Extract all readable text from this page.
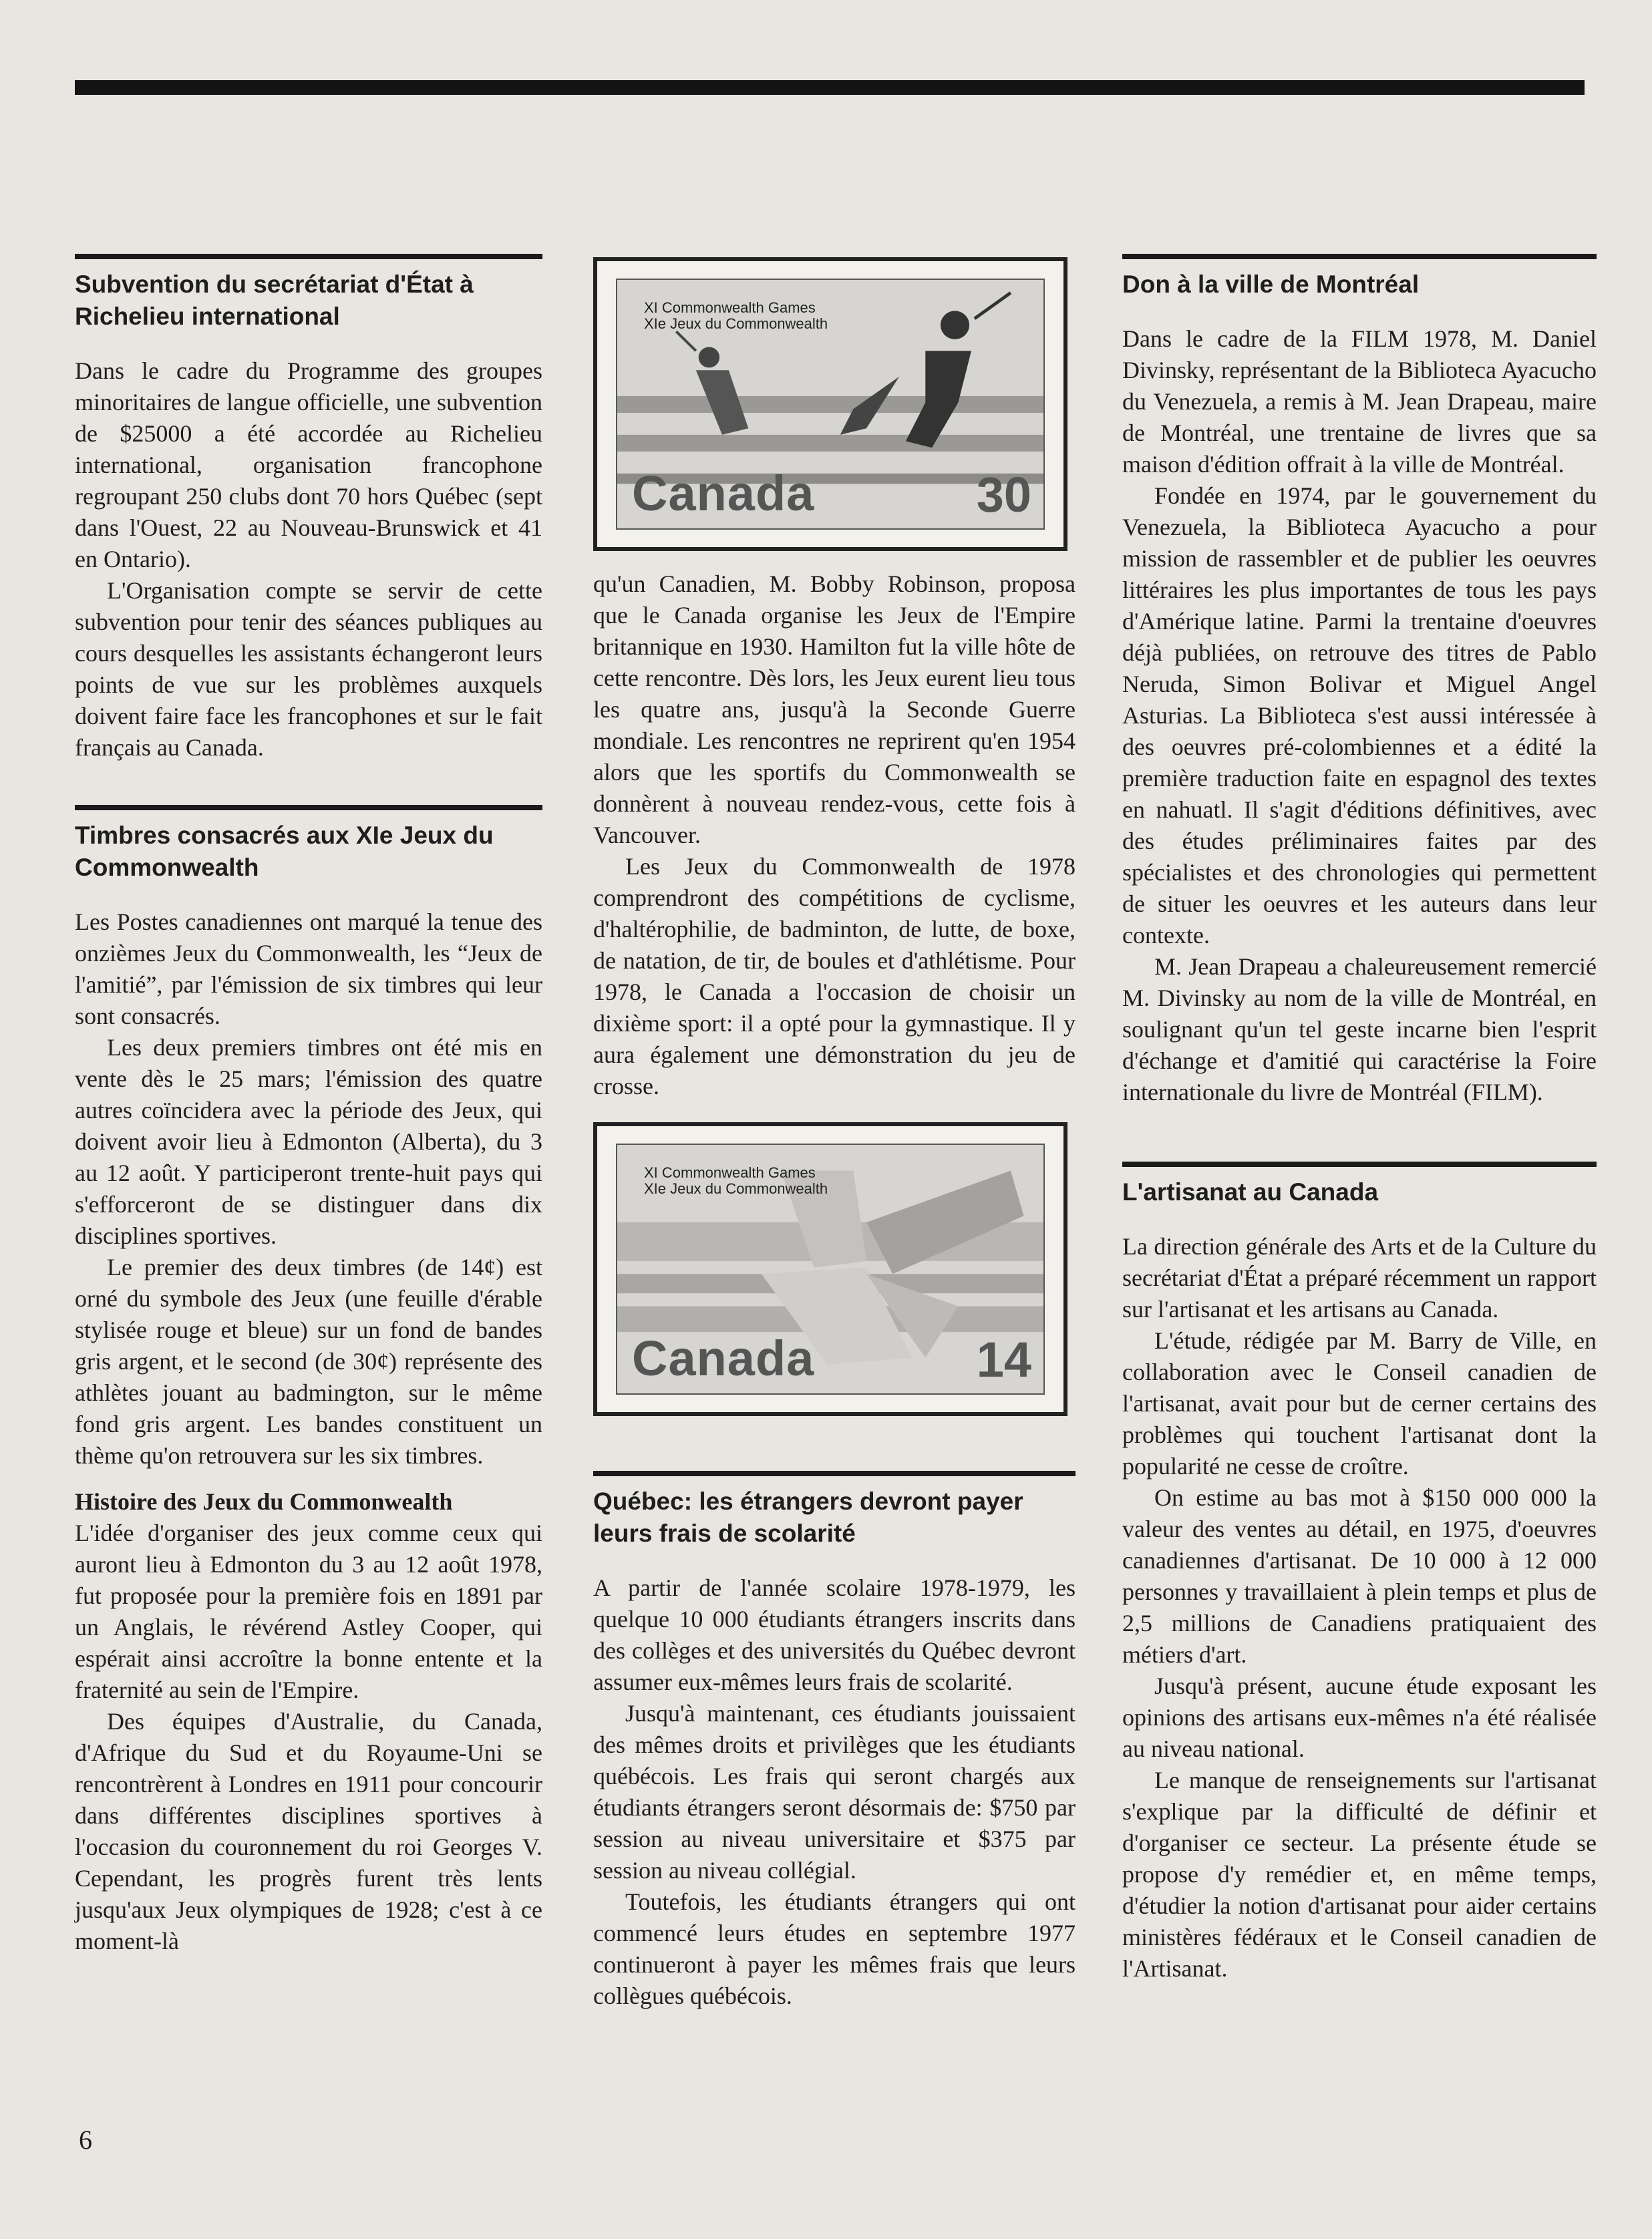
Subvention du secrétariat d'État à Richelieu international

Dans le cadre du Programme des groupes minoritaires de langue officielle, une subvention de $25000 a été accordée au Richelieu international, organisation francophone regroupant 250 clubs dont 70 hors Québec (sept dans l'Ouest, 22 au Nouveau-Brunswick et 41 en Ontario).

L'Organisation compte se servir de cette subvention pour tenir des séances publiques au cours desquelles les assistants échangeront leurs points de vue sur les problèmes auxquels doivent faire face les francophones et sur le fait français au Canada.

Timbres consacrés aux XIe Jeux du Commonwealth

Les Postes canadiennes ont marqué la tenue des onzièmes Jeux du Commonwealth, les “Jeux de l'amitié”, par l'émission de six timbres qui leur sont consacrés.

Les deux premiers timbres ont été mis en vente dès le 25 mars; l'émission des quatre autres coïncidera avec la période des Jeux, qui doivent avoir lieu à Edmonton (Alberta), du 3 au 12 août. Y participeront trente-huit pays qui s'efforceront de se distinguer dans dix disciplines sportives.

Le premier des deux timbres (de 14¢) est orné du symbole des Jeux (une feuille d'érable stylisée rouge et bleue) sur un fond de bandes gris argent, et le second (de 30¢) représente des athlètes jouant au badmington, sur le même fond gris argent. Les bandes constituent un thème qu'on retrouvera sur les six timbres.

Histoire des Jeux du Commonwealth

L'idée d'organiser des jeux comme ceux qui auront lieu à Edmonton du 3 au 12 août 1978, fut proposée pour la première fois en 1891 par un Anglais, le révérend Astley Cooper, qui espérait ainsi accroître la bonne entente et la fraternité au sein de l'Empire.

Des équipes d'Australie, du Canada, d'Afrique du Sud et du Royaume-Uni se rencontrèrent à Londres en 1911 pour concourir dans différentes disciplines sportives à l'occasion du couronnement du roi Georges V. Cependant, les progrès furent très lents jusqu'aux Jeux olympiques de 1928; c'est à ce moment-là

XI Commonwealth Games
XIe Jeux du Commonwealth
Canada	30

qu'un Canadien, M. Bobby Robinson, proposa que le Canada organise les Jeux de l'Empire britannique en 1930. Hamilton fut la ville hôte de cette rencontre. Dès lors, les Jeux eurent lieu tous les quatre ans, jusqu'à la Seconde Guerre mondiale. Les rencontres ne reprirent qu'en 1954 alors que les sportifs du Commonwealth se donnèrent à nouveau rendez-vous, cette fois à Vancouver.

Les Jeux du Commonwealth de 1978 comprendront des compétitions de cyclisme, d'haltérophilie, de badminton, de lutte, de boxe, de natation, de tir, de boules et d'athlétisme. Pour 1978, le Canada a l'occasion de choisir un dixième sport: il a opté pour la gymnastique. Il y aura également une démonstration du jeu de crosse.

XI Commonwealth Games
XIe Jeux du Commonwealth
Canada	14
Québec: les étrangers devront payer leurs frais de scolarité

A partir de l'année scolaire 1978-1979, les quelque 10 000 étudiants étrangers inscrits dans des collèges et des universités du Québec devront assumer eux-mêmes leurs frais de scolarité.

Jusqu'à maintenant, ces étudiants jouissaient des mêmes droits et privilèges que les étudiants québécois. Les frais qui seront chargés aux étudiants étrangers seront désormais de: $750 par session au niveau universitaire et $375 par session au niveau collégial.

Toutefois, les étudiants étrangers qui ont commencé leurs études en septembre 1977 continueront à payer les mêmes frais que leurs collègues québécois.

Don à la ville de Montréal

Dans le cadre de la FILM 1978, M. Daniel Divinsky, représentant de la Biblioteca Ayacucho du Venezuela, a remis à M. Jean Drapeau, maire de Montréal, une trentaine de livres que sa maison d'édition offrait à la ville de Montréal.

Fondée en 1974, par le gouvernement du Venezuela, la Biblioteca Ayacucho a pour mission de rassembler et de publier les oeuvres littéraires les plus importantes de tous les pays d'Amérique latine. Parmi la trentaine d'oeuvres déjà publiées, on retrouve des titres de Pablo Neruda, Simon Bolivar et Miguel Angel Asturias. La Biblioteca s'est aussi intéressée à des oeuvres pré-colombiennes et a édité la première traduction faite en espagnol des textes en nahuatl. Il s'agit d'éditions définitives, avec des études préliminaires faites par des spécialistes et des chronologies qui permettent de situer les oeuvres et les auteurs dans leur contexte.

M. Jean Drapeau a chaleureusement remercié M. Divinsky au nom de la ville de Montréal, en soulignant qu'un tel geste incarne bien l'esprit d'échange et d'amitié qui caractérise la Foire internationale du livre de Montréal (FILM).

L'artisanat au Canada

La direction générale des Arts et de la Culture du secrétariat d'État a préparé récemment un rapport sur l'artisanat et les artisans au Canada.

L'étude, rédigée par M. Barry de Ville, en collaboration avec le Conseil canadien de l'artisanat, avait pour but de cerner certains des problèmes qui touchent l'artisanat dont la popularité ne cesse de croître.

On estime au bas mot à $150 000 000 la valeur des ventes au détail, en 1975, d'oeuvres canadiennes d'artisanat. De 10 000 à 12 000 personnes y travaillaient à plein temps et plus de 2,5 millions de Canadiens pratiquaient des métiers d'art.

Jusqu'à présent, aucune étude exposant les opinions des artisans eux-mêmes n'a été réalisée au niveau national.

Le manque de renseignements sur l'artisanat s'explique par la difficulté de définir et d'organiser ce secteur. La présente étude se propose d'y remédier et, en même temps, d'étudier la notion d'artisanat pour aider certains ministères fédéraux et le Conseil canadien de l'Artisanat.

6
